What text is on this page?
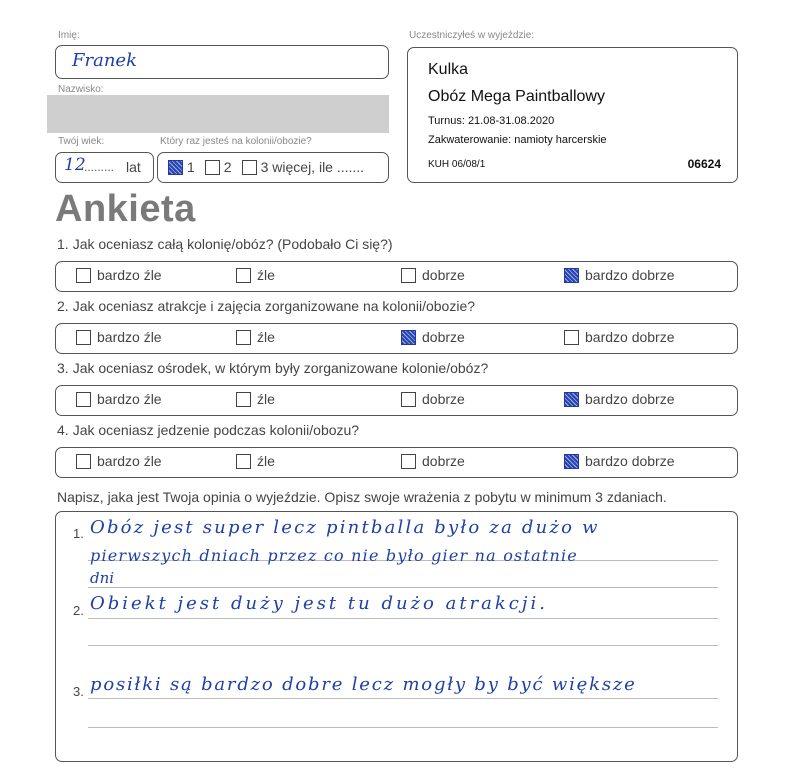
Imię:
Franek
Nazwisko:
Twój wiek:
12
......... lat
Który raz jesteś na kolonii/obozie?
1 2 3 więcej, ile .......
Uczestniczyłeś w wyjeździe:
Kulka
Obóz Mega Paintballowy
Turnus: 21.08-31.08.2020
Zakwaterowanie: namioty harcerskie
KUH 06/08/1	06624
Ankieta
1. Jak oceniasz całą kolonię/obóz? (Podobało Ci się?)
bardzo źle	źle	dobrze	bardzo dobrze
2. Jak oceniasz atrakcje i zajęcia zorganizowane na kolonii/obozie?
bardzo źle	źle	dobrze	bardzo dobrze
3. Jak oceniasz ośrodek, w którym były zorganizowane kolonie/obóz?
bardzo źle	źle	dobrze	bardzo dobrze
4. Jak oceniasz jedzenie podczas kolonii/obozu?
bardzo źle	źle	dobrze	bardzo dobrze
Napisz, jaka jest Twoja opinia o wyjeździe. Opisz swoje wrażenia z pobytu w minimum 3 zdaniach.
1. Obóz jest super lecz pintballa było za dużo w
pierwszych dniach przez co nie było gier na ostatnie
dni
2. Obiekt jest duży jest tu dużo atrakcji.
3. posiłki są bardzo dobre lecz mogły by być większe
